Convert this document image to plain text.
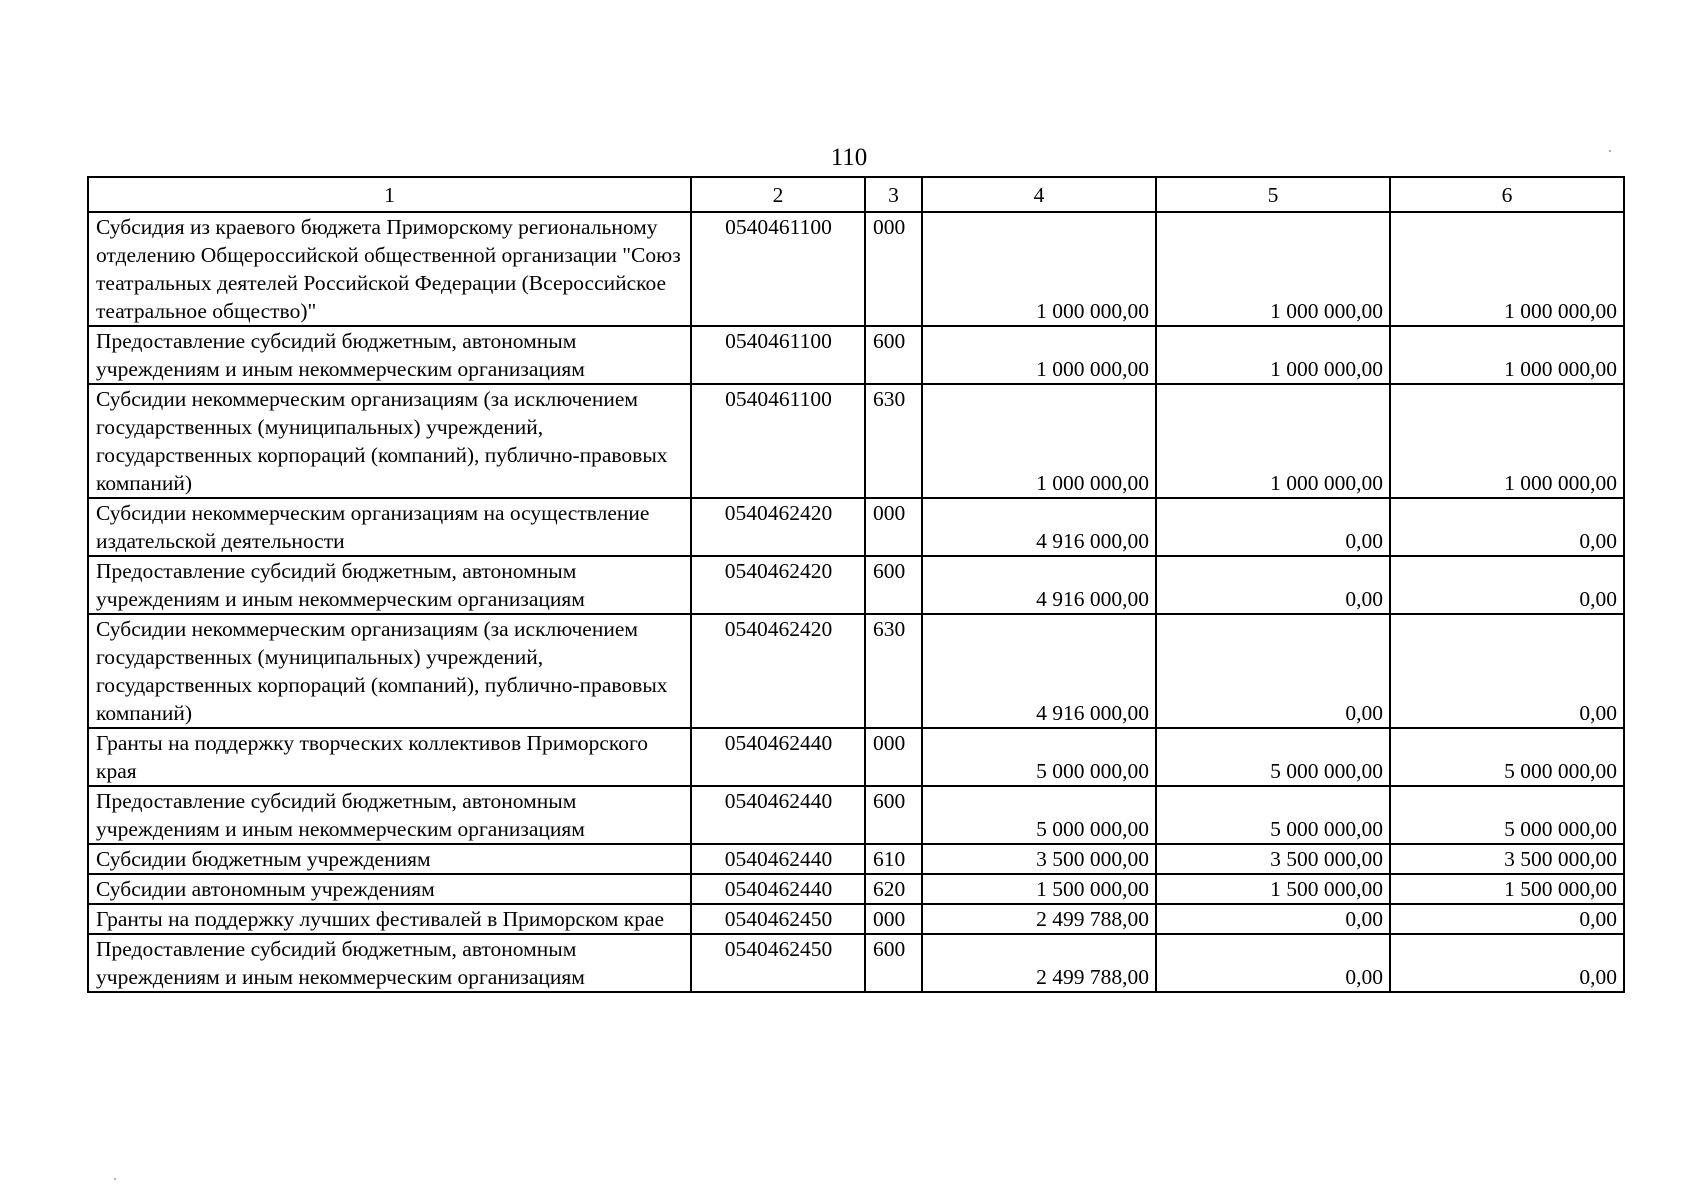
110
1	2	3	4	5	6
Субсидия из краевого бюджета Приморскому региональному отделению Общероссийской общественной организации "Союз театральных деятелей Российской Федерации (Всероссийское театральное общество)"	0540461100	000	1 000 000,00	1 000 000,00	1 000 000,00
Предоставление субсидий бюджетным, автономным учреждениям и иным некоммерческим организациям	0540461100	600	1 000 000,00	1 000 000,00	1 000 000,00
Субсидии некоммерческим организациям (за исключением государственных (муниципальных) учреждений, государственных корпораций (компаний), публично-правовых компаний)	0540461100	630	1 000 000,00	1 000 000,00	1 000 000,00
Субсидии некоммерческим организациям на осуществление издательской деятельности	0540462420	000	4 916 000,00	0,00	0,00
Предоставление субсидий бюджетным, автономным учреждениям и иным некоммерческим организациям	0540462420	600	4 916 000,00	0,00	0,00
Субсидии некоммерческим организациям (за исключением государственных (муниципальных) учреждений, государственных корпораций (компаний), публично-правовых компаний)	0540462420	630	4 916 000,00	0,00	0,00
Гранты на поддержку творческих коллективов Приморского края	0540462440	000	5 000 000,00	5 000 000,00	5 000 000,00
Предоставление субсидий бюджетным, автономным учреждениям и иным некоммерческим организациям	0540462440	600	5 000 000,00	5 000 000,00	5 000 000,00
Субсидии бюджетным учреждениям	0540462440	610	3 500 000,00	3 500 000,00	3 500 000,00
Субсидии автономным учреждениям	0540462440	620	1 500 000,00	1 500 000,00	1 500 000,00
Гранты на поддержку лучших фестивалей в Приморском крае	0540462450	000	2 499 788,00	0,00	0,00
Предоставление субсидий бюджетным, автономным учреждениям и иным некоммерческим организациям	0540462450	600	2 499 788,00	0,00	0,00
